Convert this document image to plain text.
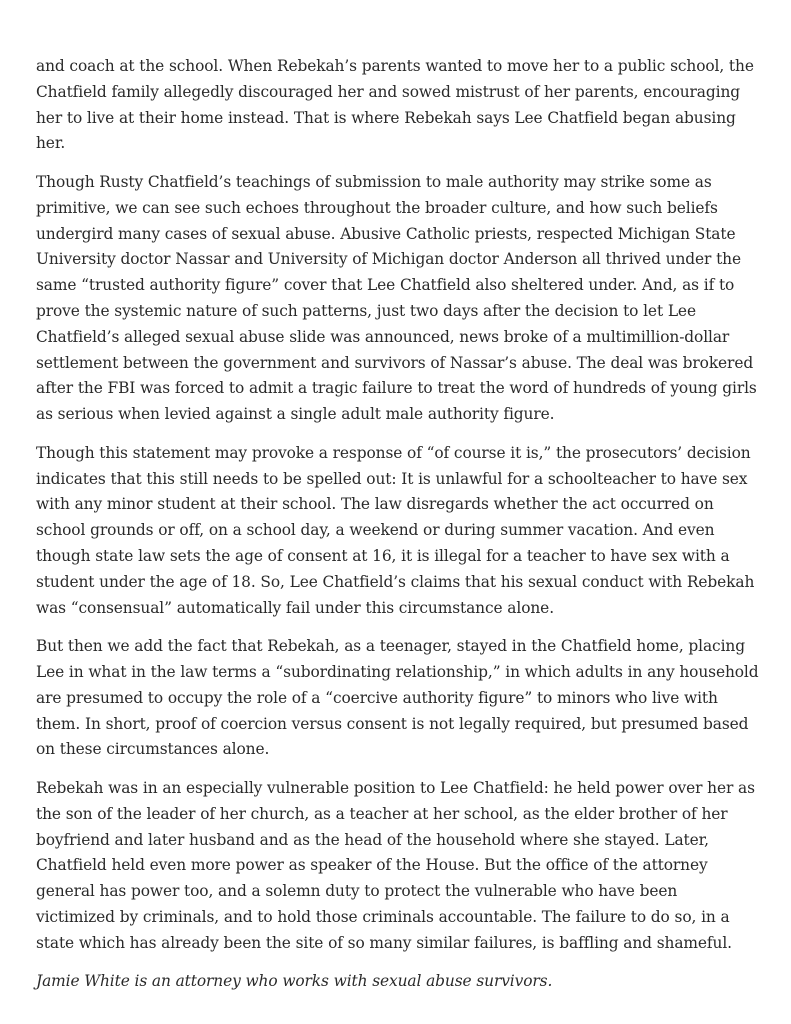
and coach at the school. When Rebekah’s parents wanted to move her to a public school, the Chatfield family allegedly discouraged her and sowed mistrust of her parents, encouraging her to live at their home instead. That is where Rebekah says Lee Chatfield began abusing her.

Though Rusty Chatfield’s teachings of submission to male authority may strike some as primitive, we can see such echoes throughout the broader culture, and how such beliefs undergird many cases of sexual abuse. Abusive Catholic priests, respected Michigan State University doctor Nassar and University of Michigan doctor Anderson all thrived under the same “trusted authority figure” cover that Lee Chatfield also sheltered under. And, as if to prove the systemic nature of such patterns, just two days after the decision to let Lee Chatfield’s alleged sexual abuse slide was announced, news broke of a multimillion-dollar settlement between the government and survivors of Nassar’s abuse. The deal was brokered after the FBI was forced to admit a tragic failure to treat the word of hundreds of young girls as serious when levied against a single adult male authority figure.

Though this statement may provoke a response of “of course it is,” the prosecutors’ decision indicates that this still needs to be spelled out: It is unlawful for a schoolteacher to have sex with any minor student at their school. The law disregards whether the act occurred on school grounds or off, on a school day, a weekend or during summer vacation. And even though state law sets the age of consent at 16, it is illegal for a teacher to have sex with a student under the age of 18. So, Lee Chatfield’s claims that his sexual conduct with Rebekah was “consensual” automatically fail under this circumstance alone.

But then we add the fact that Rebekah, as a teenager, stayed in the Chatfield home, placing Lee in what in the law terms a “subordinating relationship,” in which adults in any household are presumed to occupy the role of a “coercive authority figure” to minors who live with them. In short, proof of coercion versus consent is not legally required, but presumed based on these circumstances alone.

Rebekah was in an especially vulnerable position to Lee Chatfield: he held power over her as the son of the leader of her church, as a teacher at her school, as the elder brother of her boyfriend and later husband and as the head of the household where she stayed. Later, Chatfield held even more power as speaker of the House. But the office of the attorney general has power too, and a solemn duty to protect the vulnerable who have been victimized by criminals, and to hold those criminals accountable. The failure to do so, in a state which has already been the site of so many similar failures, is baffling and shameful.

Jamie White is an attorney who works with sexual abuse survivors.
